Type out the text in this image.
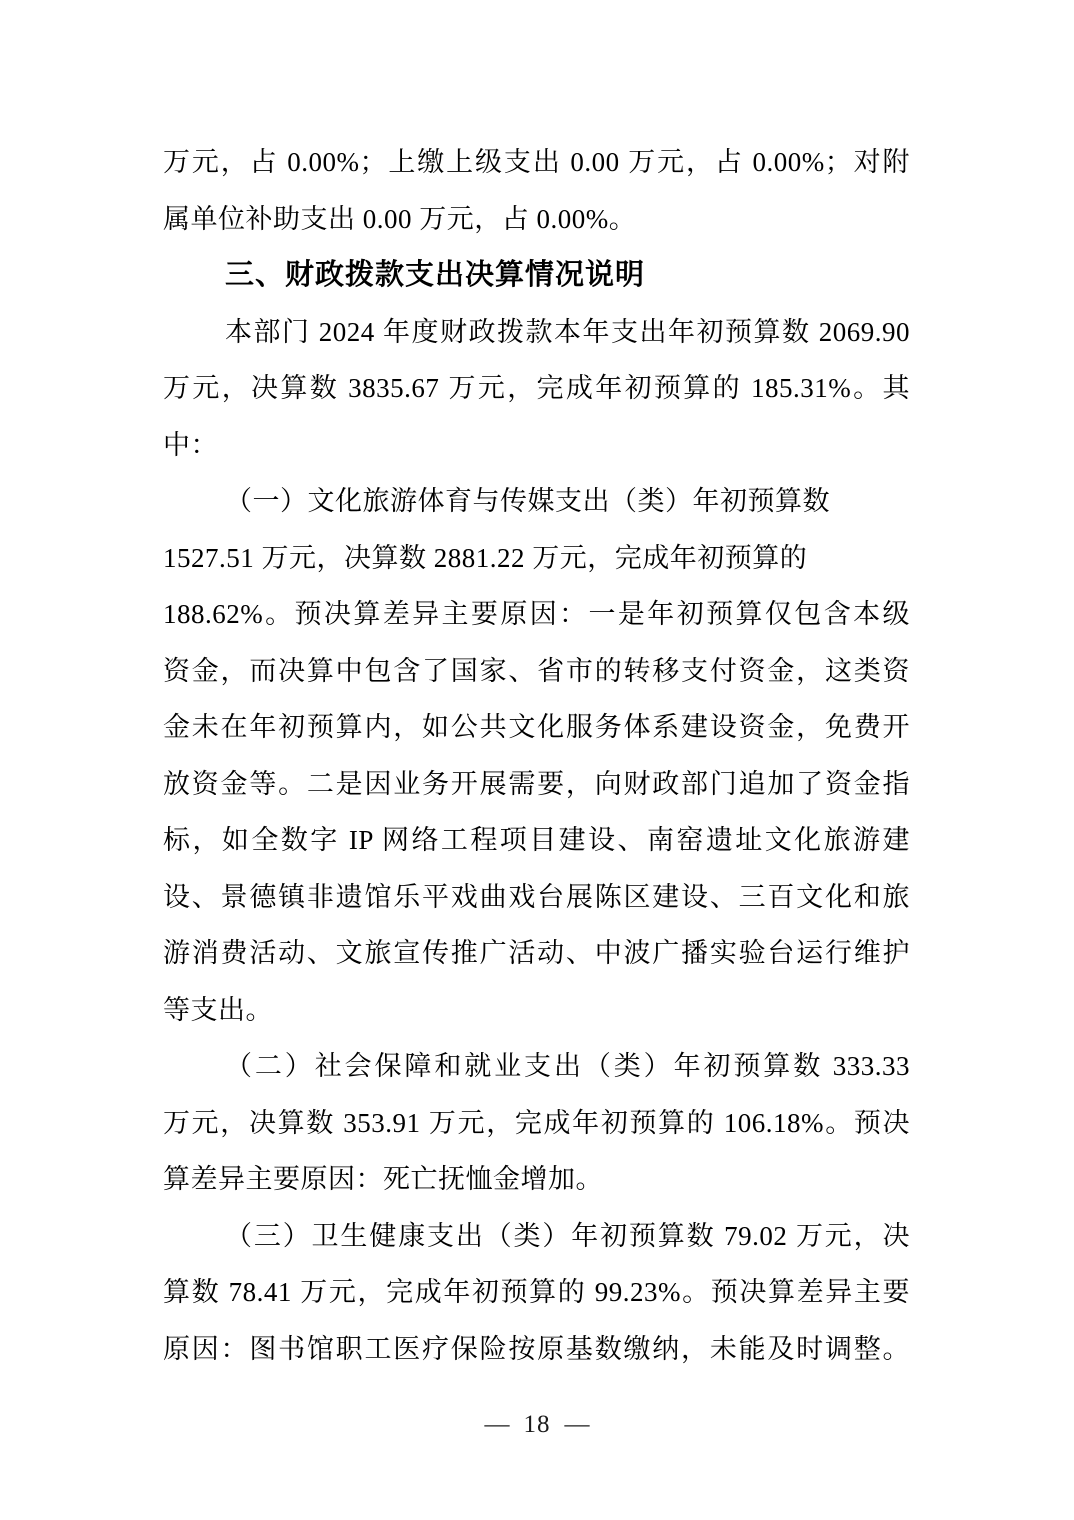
万元，占 0.00%；上缴上级支出 0.00 万元，占 0.00%；对附
属单位补助支出 0.00 万元，占 0.00%。
三、财政拨款支出决算情况说明
本部门 2024 年度财政拨款本年支出年初预算数 2069.90
万元，决算数 3835.67 万元，完成年初预算的 185.31%。其
中：
（一）文化旅游体育与传媒支出（类）年初预算数
1527.51 万元，决算数 2881.22 万元，完成年初预算的
188.62%。预决算差异主要原因：一是年初预算仅包含本级
资金，而决算中包含了国家、省市的转移支付资金，这类资
金未在年初预算内，如公共文化服务体系建设资金，免费开
放资金等。二是因业务开展需要，向财政部门追加了资金指
标，如全数字 IP 网络工程项目建设、南窑遗址文化旅游建
设、景德镇非遗馆乐平戏曲戏台展陈区建设、三百文化和旅
游消费活动、文旅宣传推广活动、中波广播实验台运行维护
等支出。
（二）社会保障和就业支出（类）年初预算数 333.33
万元，决算数 353.91 万元，完成年初预算的 106.18%。预决
算差异主要原因：死亡抚恤金增加。
（三）卫生健康支出（类）年初预算数 79.02 万元，决
算数 78.41 万元，完成年初预算的 99.23%。预决算差异主要
原因：图书馆职工医疗保险按原基数缴纳，未能及时调整。
— 18 —
